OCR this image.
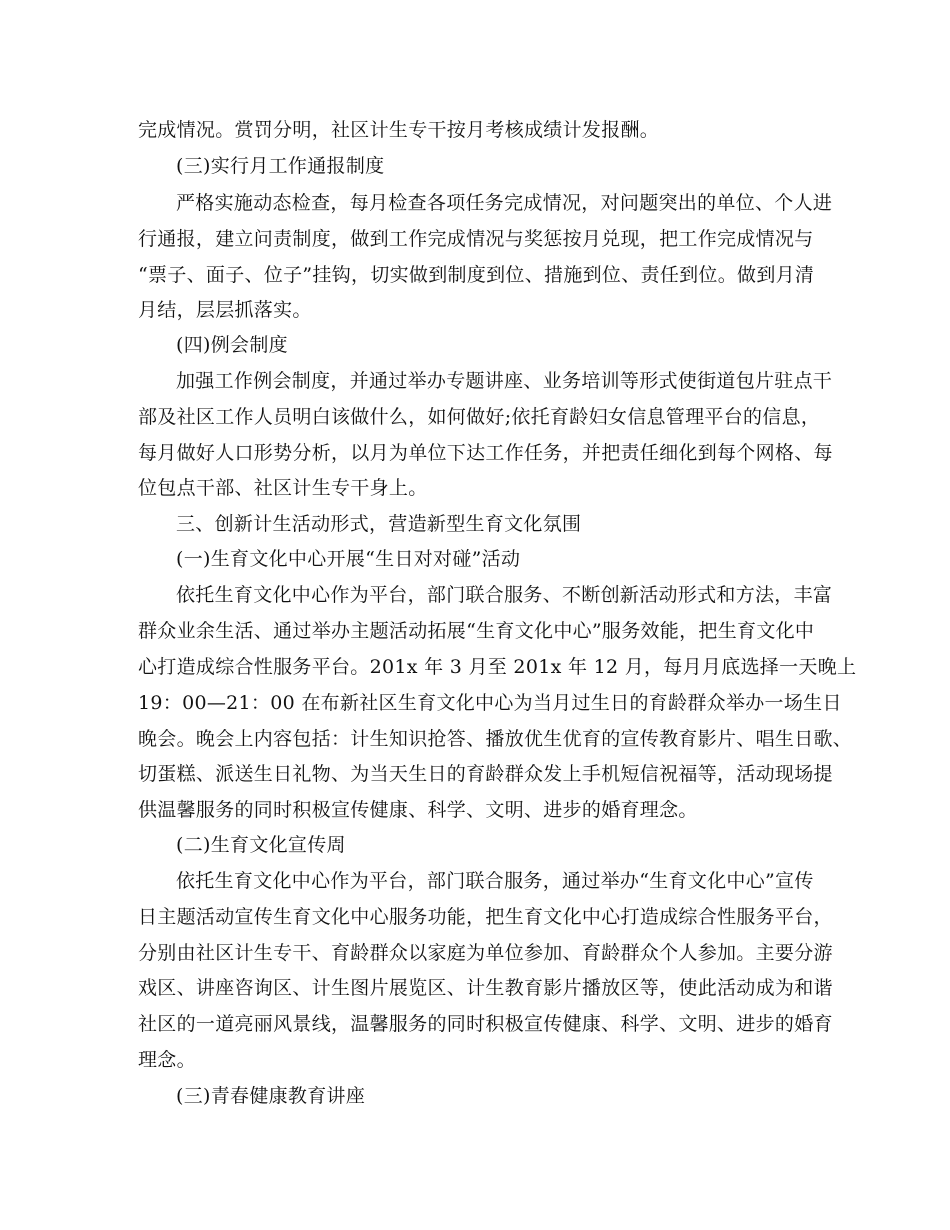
完成情况。赏罚分明，社区计生专干按月考核成绩计发报酬。
(三)实行月工作通报制度
严格实施动态检查，每月检查各项任务完成情况，对问题突出的单位、个人进
行通报，建立问责制度，做到工作完成情况与奖惩按月兑现，把工作完成情况与
“票子、面子、位子”挂钩，切实做到制度到位、措施到位、责任到位。做到月清
月结，层层抓落实。
(四)例会制度
加强工作例会制度，并通过举办专题讲座、业务培训等形式使街道包片驻点干
部及社区工作人员明白该做什么，如何做好;依托育龄妇女信息管理平台的信息，
每月做好人口形势分析，以月为单位下达工作任务，并把责任细化到每个网格、每
位包点干部、社区计生专干身上。
三、创新计生活动形式，营造新型生育文化氛围
(一)生育文化中心开展“生日对对碰”活动
依托生育文化中心作为平台，部门联合服务、不断创新活动形式和方法，丰富
群众业余生活、通过举办主题活动拓展“生育文化中心”服务效能，把生育文化中
心打造成综合性服务平台。201x 年 3 月至 201x 年 12 月，每月月底选择一天晚上
19：00—21：00 在布新社区生育文化中心为当月过生日的育龄群众举办一场生日
晚会。晚会上内容包括：计生知识抢答、播放优生优育的宣传教育影片、唱生日歌、
切蛋糕、派送生日礼物、为当天生日的育龄群众发上手机短信祝福等，活动现场提
供温馨服务的同时积极宣传健康、科学、文明、进步的婚育理念。
(二)生育文化宣传周
依托生育文化中心作为平台，部门联合服务，通过举办“生育文化中心”宣传
日主题活动宣传生育文化中心服务功能，把生育文化中心打造成综合性服务平台，
分别由社区计生专干、育龄群众以家庭为单位参加、育龄群众个人参加。主要分游
戏区、讲座咨询区、计生图片展览区、计生教育影片播放区等，使此活动成为和谐
社区的一道亮丽风景线，温馨服务的同时积极宣传健康、科学、文明、进步的婚育
理念。
(三)青春健康教育讲座
